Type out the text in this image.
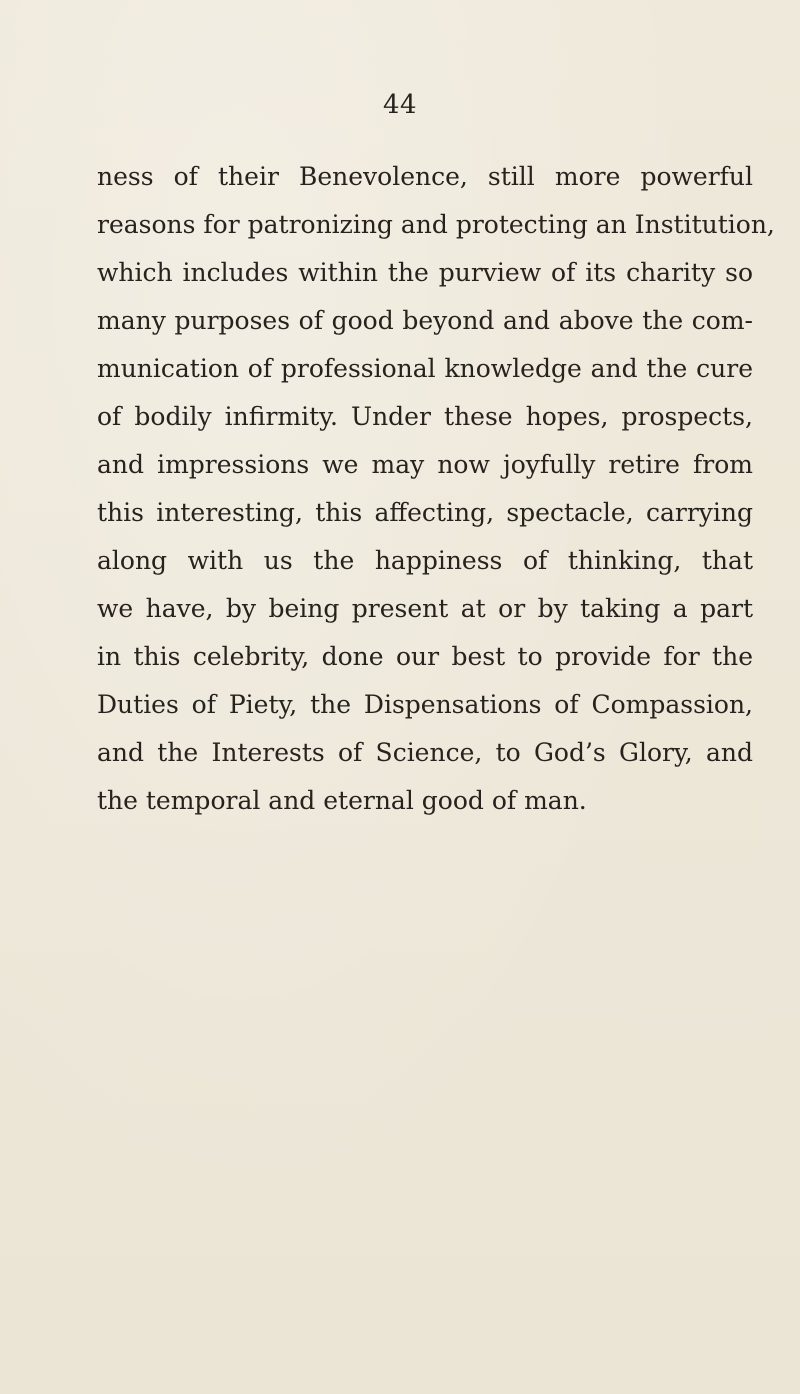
44
ness of their Benevolence, still more powerful
reasons for patronizing and protecting an Institution,
which includes within the purview of its charity so
many purposes of good beyond and above the com-
munication of professional knowledge and the cure
of bodily infirmity. Under these hopes, prospects,
and impressions we may now joyfully retire from
this interesting, this affecting, spectacle, carrying
along with us the happiness of thinking, that
we have, by being present at or by taking a part
in this celebrity, done our best to provide for the
Duties of Piety, the Dispensations of Compassion,
and the Interests of Science, to God’s Glory, and
the temporal and eternal good of man.
